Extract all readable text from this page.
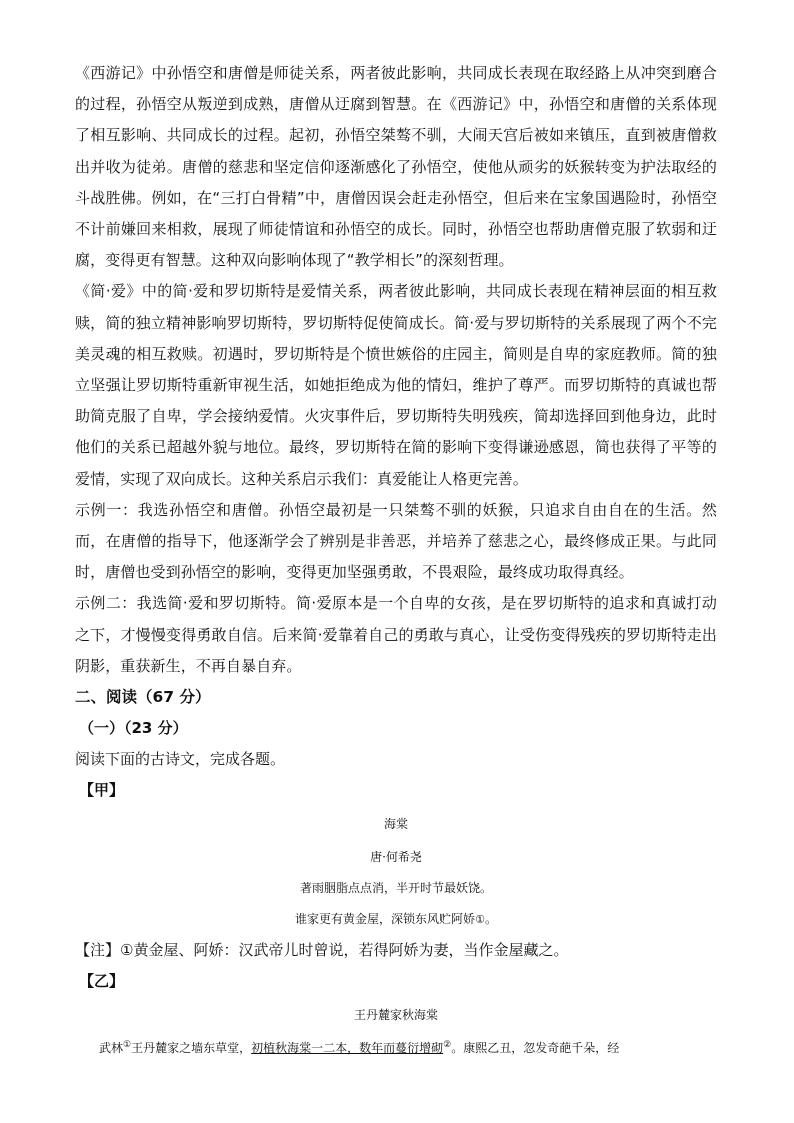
《西游记》中孙悟空和唐僧是师徒关系，两者彼此影响，共同成长表现在取经路上从冲突到磨合的过程，孙悟空从叛逆到成熟，唐僧从迂腐到智慧。在《西游记》中，孙悟空和唐僧的关系体现了相互影响、共同成长的过程。起初，孙悟空桀骜不驯，大闹天宫后被如来镇压，直到被唐僧救出并收为徒弟。唐僧的慈悲和坚定信仰逐渐感化了孙悟空，使他从顽劣的妖猴转变为护法取经的斗战胜佛。例如，在“三打白骨精”中，唐僧因误会赶走孙悟空，但后来在宝象国遇险时，孙悟空不计前嫌回来相救，展现了师徒情谊和孙悟空的成长。同时，孙悟空也帮助唐僧克服了软弱和迂腐，变得更有智慧。这种双向影响体现了“教学相长”的深刻哲理。

《简·爱》中的简·爱和罗切斯特是爱情关系，两者彼此影响，共同成长表现在精神层面的相互救赎，简的独立精神影响罗切斯特，罗切斯特促使简成长。简·爱与罗切斯特的关系展现了两个不完美灵魂的相互救赎。初遇时，罗切斯特是个愤世嫉俗的庄园主，简则是自卑的家庭教师。简的独立坚强让罗切斯特重新审视生活，如她拒绝成为他的情妇，维护了尊严。而罗切斯特的真诚也帮助简克服了自卑，学会接纳爱情。火灾事件后，罗切斯特失明残疾，简却选择回到他身边，此时他们的关系已超越外貌与地位。最终，罗切斯特在简的影响下变得谦逊感恩，简也获得了平等的爱情，实现了双向成长。这种关系启示我们：真爱能让人格更完善。

示例一：我选孙悟空和唐僧。孙悟空最初是一只桀骜不驯的妖猴，只追求自由自在的生活。然而，在唐僧的指导下，他逐渐学会了辨别是非善恶，并培养了慈悲之心，最终修成正果。与此同时，唐僧也受到孙悟空的影响，变得更加坚强勇敢，不畏艰险，最终成功取得真经。

示例二：我选简·爱和罗切斯特。简·爱原本是一个自卑的女孩，是在罗切斯特的追求和真诚打动之下，才慢慢变得勇敢自信。后来简·爱靠着自己的勇敢与真心，让受伤变得残疾的罗切斯特走出阴影，重获新生，不再自暴自弃。

二、阅读（67 分）

（一）（23 分）

阅读下面的古诗文，完成各题。

【甲】

海棠

唐·何希尧

著雨胭脂点点消，半开时节最妖饶。

谁家更有黄金屋，深锁东风贮阿娇①。

【注】①黄金屋、阿娇：汉武帝儿时曾说，若得阿娇为妻，当作金屋藏之。

【乙】

王丹麓家秋海棠

武林①王丹麓家之墙东草堂，初植秋海棠一二本，数年而蔓衍增砌②。康熙乙丑，忽发奇葩千朵，经
